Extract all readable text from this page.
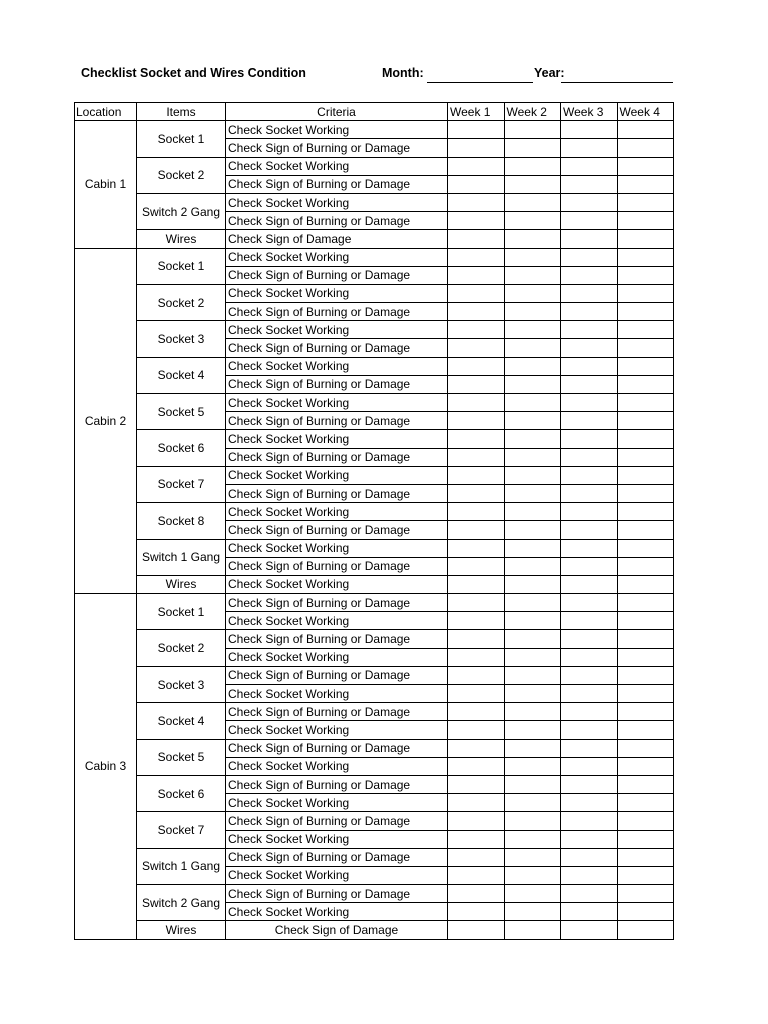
Checklist Socket and Wires Condition	Month:	Year:
Location	Items	Criteria	Week 1	Week 2	Week 3	Week 4
Cabin 1	Socket 1	Check Socket Working				
		Check Sign of Burning or Damage				
	Socket 2	Check Socket Working				
		Check Sign of Burning or Damage				
	Switch 2 Gang	Check Socket Working				
		Check Sign of Burning or Damage				
	Wires	Check Sign of Damage				
Cabin 2	Socket 1	Check Socket Working				
		Check Sign of Burning or Damage				
	Socket 2	Check Socket Working				
		Check Sign of Burning or Damage				
	Socket 3	Check Socket Working				
		Check Sign of Burning or Damage				
	Socket 4	Check Socket Working				
		Check Sign of Burning or Damage				
	Socket 5	Check Socket Working				
		Check Sign of Burning or Damage				
	Socket 6	Check Socket Working				
		Check Sign of Burning or Damage				
	Socket 7	Check Socket Working				
		Check Sign of Burning or Damage				
	Socket 8	Check Socket Working				
		Check Sign of Burning or Damage				
	Switch 1 Gang	Check Socket Working				
		Check Sign of Burning or Damage				
	Wires	Check Socket Working				
Cabin 3	Socket 1	Check Sign of Burning or Damage				
		Check Socket Working				
	Socket 2	Check Sign of Burning or Damage				
		Check Socket Working				
	Socket 3	Check Sign of Burning or Damage				
		Check Socket Working				
	Socket 4	Check Sign of Burning or Damage				
		Check Socket Working				
	Socket 5	Check Sign of Burning or Damage				
		Check Socket Working				
	Socket 6	Check Sign of Burning or Damage				
		Check Socket Working				
	Socket 7	Check Sign of Burning or Damage				
		Check Socket Working				
	Switch 1 Gang	Check Sign of Burning or Damage				
		Check Socket Working				
	Switch 2 Gang	Check Sign of Burning or Damage				
		Check Socket Working				
	Wires	Check Sign of Damage				
